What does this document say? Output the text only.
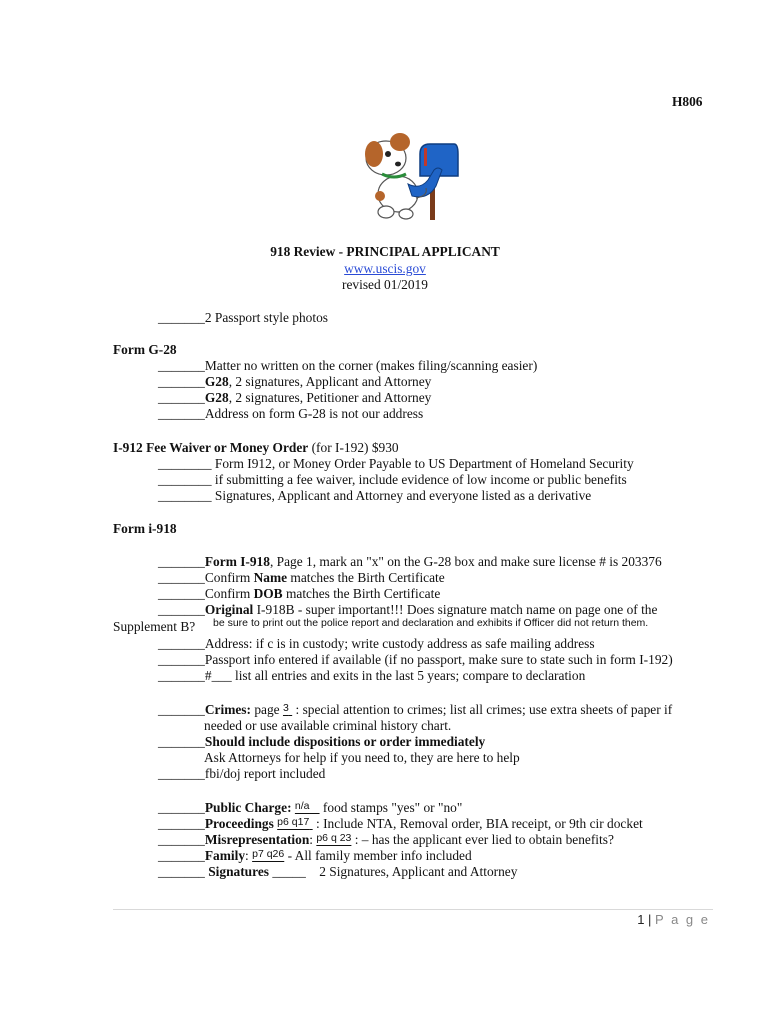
H806
918 Review - PRINCIPAL APPLICANT
www.uscis.gov
revised 01/2019
_______2 Passport style photos
Form G-28
_______Matter no written on the corner (makes filing/scanning easier)
_______G28, 2 signatures, Applicant and Attorney
_______G28, 2 signatures, Petitioner and Attorney
_______Address on form G-28 is not our address
I-912 Fee Waiver or Money Order (for I-192) $930
________ Form I912, or Money Order Payable to US Department of Homeland Security
________ if submitting a fee waiver, include evidence of low income or public benefits
________ Signatures, Applicant and Attorney and everyone listed as a derivative
Form i-918
_______Form I-918, Page 1, mark an "x" on the G-28 box and make sure license # is 203376
_______Confirm Name matches the Birth Certificate
_______Confirm DOB matches the Birth Certificate
_______Original I-918B - super important!!! Does signature match name on page one of the
Supplement B? be sure to print out the police report and declaration and exhibits if Officer did not return them.
_______Address: if c is in custody; write custody address as safe mailing address
_______Passport info entered if available (if no passport, make sure to state such in form I-192)
_______#___ list all entries and exits in the last 5 years; compare to declaration
_______Crimes: page $^3$  : special attention to crimes; list all crimes; use extra sheets of paper if
needed or use available criminal history chart.
_______Should include dispositions or order immediately
Ask Attorneys for help if you need to, they are here to help
_______fbi/doj report included
_______Public Charge: $^{n/a}$    food stamps "yes" or "no"
_______Proceedings $^{p6 q17}$  : Include NTA, Removal order, BIA receipt, or 9th cir docket
_______Misrepresentation: $^{p6 q 23}$ : – has the applicant ever lied to obtain benefits?
_______Family: $^{p7 q26}$ - All family member info included
_______ Signatures _____    2 Signatures, Applicant and Attorney
1 | P a g e
